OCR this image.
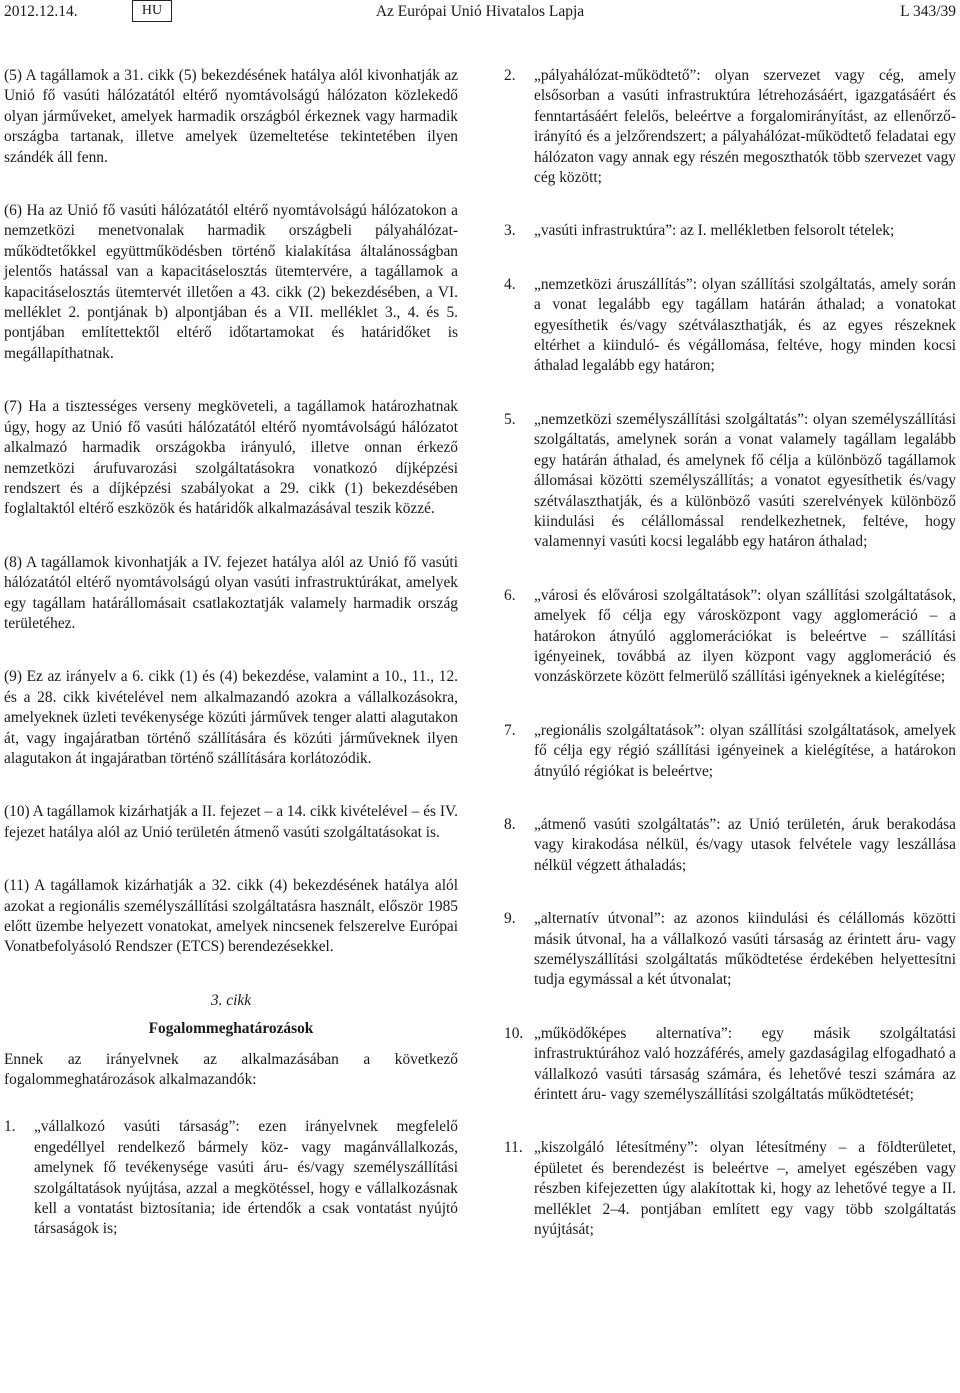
2012.12.14.	HU	Az Európai Unió Hivatalos Lapja	L 343/39

(5) A tagállamok a 31. cikk (5) bekezdésének hatálya alól kivonhatják az Unió fő vasúti hálózatától eltérő nyomtávolságú hálózaton közlekedő olyan járműveket, amelyek harmadik országból érkeznek vagy harmadik országba tartanak, illetve amelyek üzemeltetése tekintetében ilyen szándék áll fenn.

(6) Ha az Unió fő vasúti hálózatától eltérő nyomtávolságú hálózatokon a nemzetközi menetvonalak harmadik országbeli pályahálózat-működtetőkkel együttműködésben történő kialakítása általánosságban jelentős hatással van a kapacitáselosztás ütemtervére, a tagállamok a kapacitáselosztás ütemtervét illetően a 43. cikk (2) bekezdésében, a VI. melléklet 2. pontjának b) alpontjában és a VII. melléklet 3., 4. és 5. pontjában említettektől eltérő időtartamokat és határidőket is megállapíthatnak.

(7) Ha a tisztességes verseny megköveteli, a tagállamok határozhatnak úgy, hogy az Unió fő vasúti hálózatától eltérő nyomtávolságú hálózatot alkalmazó harmadik országokba irányuló, illetve onnan érkező nemzetközi árufuvarozási szolgáltatásokra vonatkozó díjképzési rendszert és a díjképzési szabályokat a 29. cikk (1) bekezdésében foglaltaktól eltérő eszközök és határidők alkalmazásával teszik közzé.

(8) A tagállamok kivonhatják a IV. fejezet hatálya alól az Unió fő vasúti hálózatától eltérő nyomtávolságú olyan vasúti infrastruktúrákat, amelyek egy tagállam határállomásait csatlakoztatják valamely harmadik ország területéhez.

(9) Ez az irányelv a 6. cikk (1) és (4) bekezdése, valamint a 10., 11., 12. és a 28. cikk kivételével nem alkalmazandó azokra a vállalkozásokra, amelyeknek üzleti tevékenysége közúti járművek tenger alatti alagutakon át, vagy ingajáratban történő szállítására és közúti járműveknek ilyen alagutakon át ingajáratban történő szállítására korlátozódik.

(10) A tagállamok kizárhatják a II. fejezet – a 14. cikk kivételével – és IV. fejezet hatálya alól az Unió területén átmenő vasúti szolgáltatásokat is.

(11) A tagállamok kizárhatják a 32. cikk (4) bekezdésének hatálya alól azokat a regionális személyszállítási szolgáltatásra használt, először 1985 előtt üzembe helyezett vonatokat, amelyek nincsenek felszerelve Európai Vonatbefolyásoló Rendszer (ETCS) berendezésekkel.

3. cikk
Fogalommeghatározások
Ennek az irányelvnek az alkalmazásában a következő fogalommeghatározások alkalmazandók:
1.	„vállalkozó vasúti társaság”: ezen irányelvnek megfelelő engedéllyel rendelkező bármely köz- vagy magánvállalkozás, amelynek fő tevékenysége vasúti áru- és/vagy személyszállítási szolgáltatások nyújtása, azzal a megkötéssel, hogy e vállalkozásnak kell a vontatást biztosítania; ide értendők a csak vontatást nyújtó társaságok is;
2.	„pályahálózat-működtető”: olyan szervezet vagy cég, amely elsősorban a vasúti infrastruktúra létrehozásáért, igazgatásáért és fenntartásáért felelős, beleértve a forgalomirányítást, az ellenőrző-irányító és a jelzőrendszert; a pályahálózat-működtető feladatai egy hálózaton vagy annak egy részén megoszthatók több szervezet vagy cég között;
3.	„vasúti infrastruktúra”: az I. mellékletben felsorolt tételek;
4.	„nemzetközi áruszállítás”: olyan szállítási szolgáltatás, amely során a vonat legalább egy tagállam határán áthalad; a vonatokat egyesíthetik és/vagy szétválaszthatják, és az egyes részeknek eltérhet a kiinduló- és végállomása, feltéve, hogy minden kocsi áthalad legalább egy határon;
5.	„nemzetközi személyszállítási szolgáltatás”: olyan személyszállítási szolgáltatás, amelynek során a vonat valamely tagállam legalább egy határán áthalad, és amelynek fő célja a különböző tagállamok állomásai közötti személyszállítás; a vonatot egyesíthetik és/vagy szétválaszthatják, és a különböző vasúti szerelvények különböző kiindulási és célállomással rendelkezhetnek, feltéve, hogy valamennyi vasúti kocsi legalább egy határon áthalad;
6.	„városi és elővárosi szolgáltatások”: olyan szállítási szolgáltatások, amelyek fő célja egy városközpont vagy agglomeráció – a határokon átnyúló agglomerációkat is beleértve – szállítási igényeinek, továbbá az ilyen központ vagy agglomeráció és vonzáskörzete között felmerülő szállítási igényeknek a kielégítése;
7.	„regionális szolgáltatások”: olyan szállítási szolgáltatások, amelyek fő célja egy régió szállítási igényeinek a kielégítése, a határokon átnyúló régiókat is beleértve;
8.	„átmenő vasúti szolgáltatás”: az Unió területén, áruk berakodása vagy kirakodása nélkül, és/vagy utasok felvétele vagy leszállása nélkül végzett áthaladás;
9.	„alternatív útvonal”: az azonos kiindulási és célállomás közötti másik útvonal, ha a vállalkozó vasúti társaság az érintett áru- vagy személyszállítási szolgáltatás működtetése érdekében helyettesítni tudja egymással a két útvonalat;
10. „működőképes alternatíva”: egy másik szolgáltatási infrastruktúrához való hozzáférés, amely gazdaságilag elfogadható a vállalkozó vasúti társaság számára, és lehetővé teszi számára az érintett áru- vagy személyszállítási szolgáltatás működtetését;
11. „kiszolgáló létesítmény”: olyan létesítmény – a földterületet, épületet és berendezést is beleértve –, amelyet egészében vagy részben kifejezetten úgy alakítottak ki, hogy az lehetővé tegye a II. melléklet 2–4. pontjában említett egy vagy több szolgáltatás nyújtását;
